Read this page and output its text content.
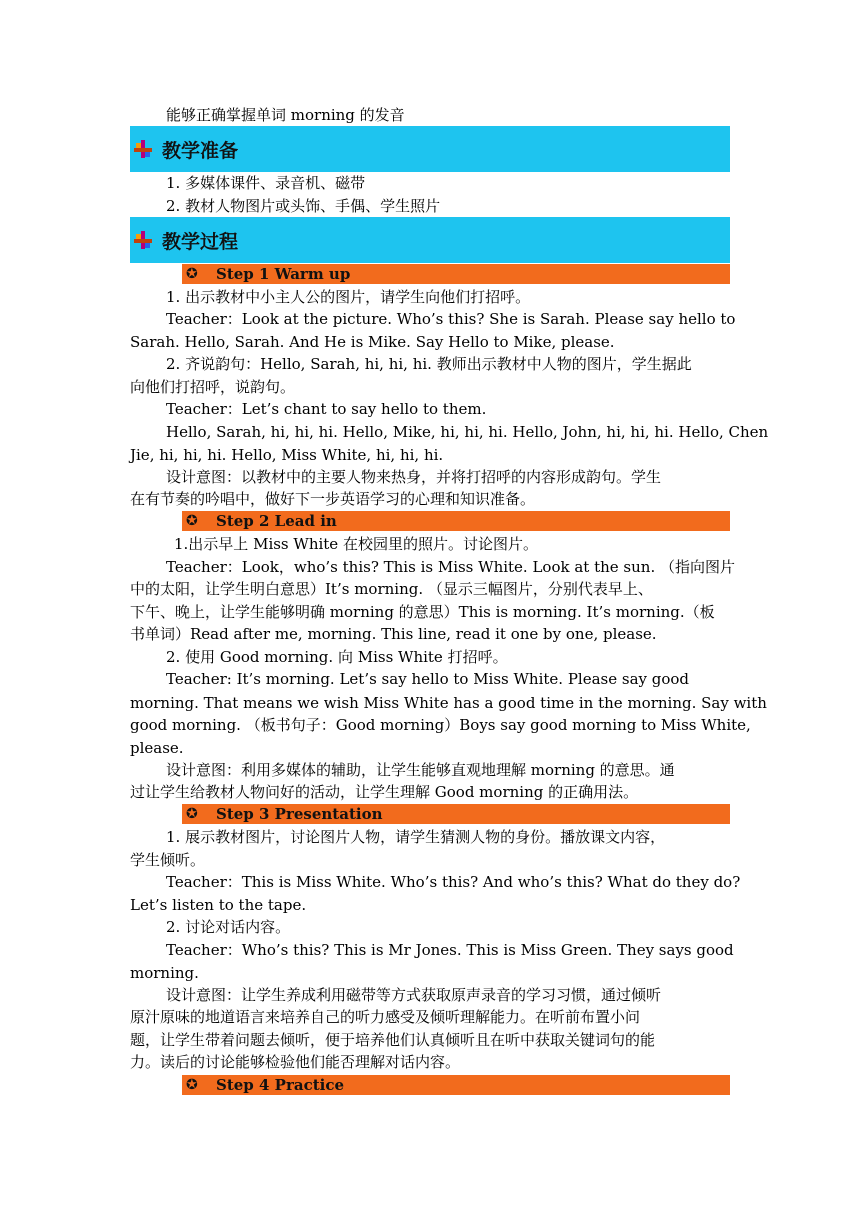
能够正确掌握单词 morning 的发音
教学准备
1. 多媒体课件、录音机、磁带
2. 教材人物图片或头饰、手偶、学生照片
教学过程
✪ Step 1 Warm up
1. 出示教材中小主人公的图片，请学生向他们打招呼。
Teacher：Look at the picture. Who’s this? She is Sarah. Please say hello to
Sarah. Hello, Sarah. And He is Mike. Say Hello to Mike, please.
2. 齐说韵句：Hello, Sarah, hi, hi, hi. 教师出示教材中人物的图片，学生据此
向他们打招呼，说韵句。
Teacher：Let’s chant to say hello to them.
Hello, Sarah, hi, hi, hi. Hello, Mike, hi, hi, hi. Hello, John, hi, hi, hi. Hello, Chen
Jie, hi, hi, hi. Hello, Miss White, hi, hi, hi.
设计意图：以教材中的主要人物来热身，并将打招呼的内容形成韵句。学生
在有节奏的吟唱中，做好下一步英语学习的心理和知识准备。
✪ Step 2 Lead in
1.出示早上 Miss White 在校园里的照片。讨论图片。
Teacher：Look，who’s this? This is Miss White. Look at the sun. （指向图片
中的太阳，让学生明白意思）It’s morning. （显示三幅图片，分别代表早上、
下午、晚上，让学生能够明确 morning 的意思）This is morning. It’s morning.（板
书单词）Read after me, morning. This line, read it one by one, please.
2. 使用 Good morning. 向 Miss White 打招呼。
Teacher: It’s morning. Let’s say hello to Miss White. Please say good
morning. That means we wish Miss White has a good time in the morning. Say with
good morning. （板书句子：Good morning）Boys say good morning to Miss White,
please.
设计意图：利用多媒体的辅助，让学生能够直观地理解 morning 的意思。通
过让学生给教材人物问好的活动，让学生理解 Good morning 的正确用法。
✪ Step 3 Presentation
1. 展示教材图片，讨论图片人物，请学生猜测人物的身份。播放课文内容，
学生倾听。
Teacher：This is Miss White. Who’s this? And who’s this? What do they do?
Let’s listen to the tape.
2. 讨论对话内容。
Teacher：Who’s this? This is Mr Jones. This is Miss Green. They says good
morning.
设计意图：让学生养成利用磁带等方式获取原声录音的学习习惯，通过倾听
原汁原味的地道语言来培养自己的听力感受及倾听理解能力。在听前布置小问
题，让学生带着问题去倾听，便于培养他们认真倾听且在听中获取关键词句的能
力。读后的讨论能够检验他们能否理解对话内容。
✪ Step 4 Practice
